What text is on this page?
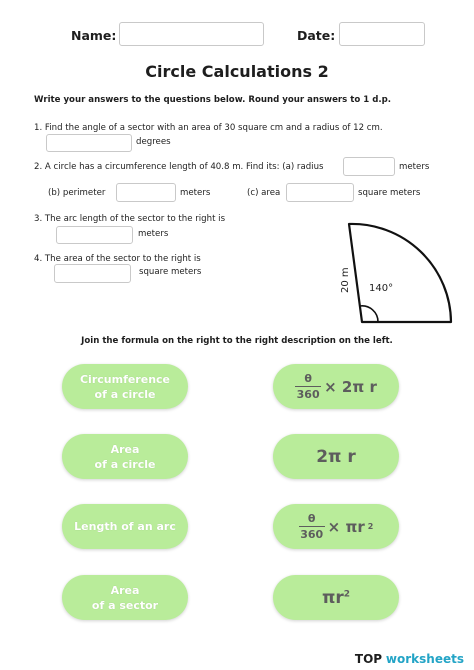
Name:	Date:
Circle Calculations 2
Write your answers to the questions below. Round your answers to 1 d.p.
1. Find the angle of a sector with an area of 30 square cm and a radius of 12 cm.
degrees
2. A circle has a circumference length of 40.8 m. Find its: (a) radius	meters
(b) perimeter	meters	(c) area	square meters
3. The arc length of the sector to the right is
meters
4. The area of the sector to the right is
square meters	20 m 140°
Join the formula on the right to the right description on the left.
Circumference
of a circle
Area
of a circle
Length of an arc
Area
of a sector
$\frac{\theta}{360} \times 2\pi$ r
2π r
$\frac{\theta}{360} \times \pi r$ 2
$\pi r^2$
TOP worksheets
